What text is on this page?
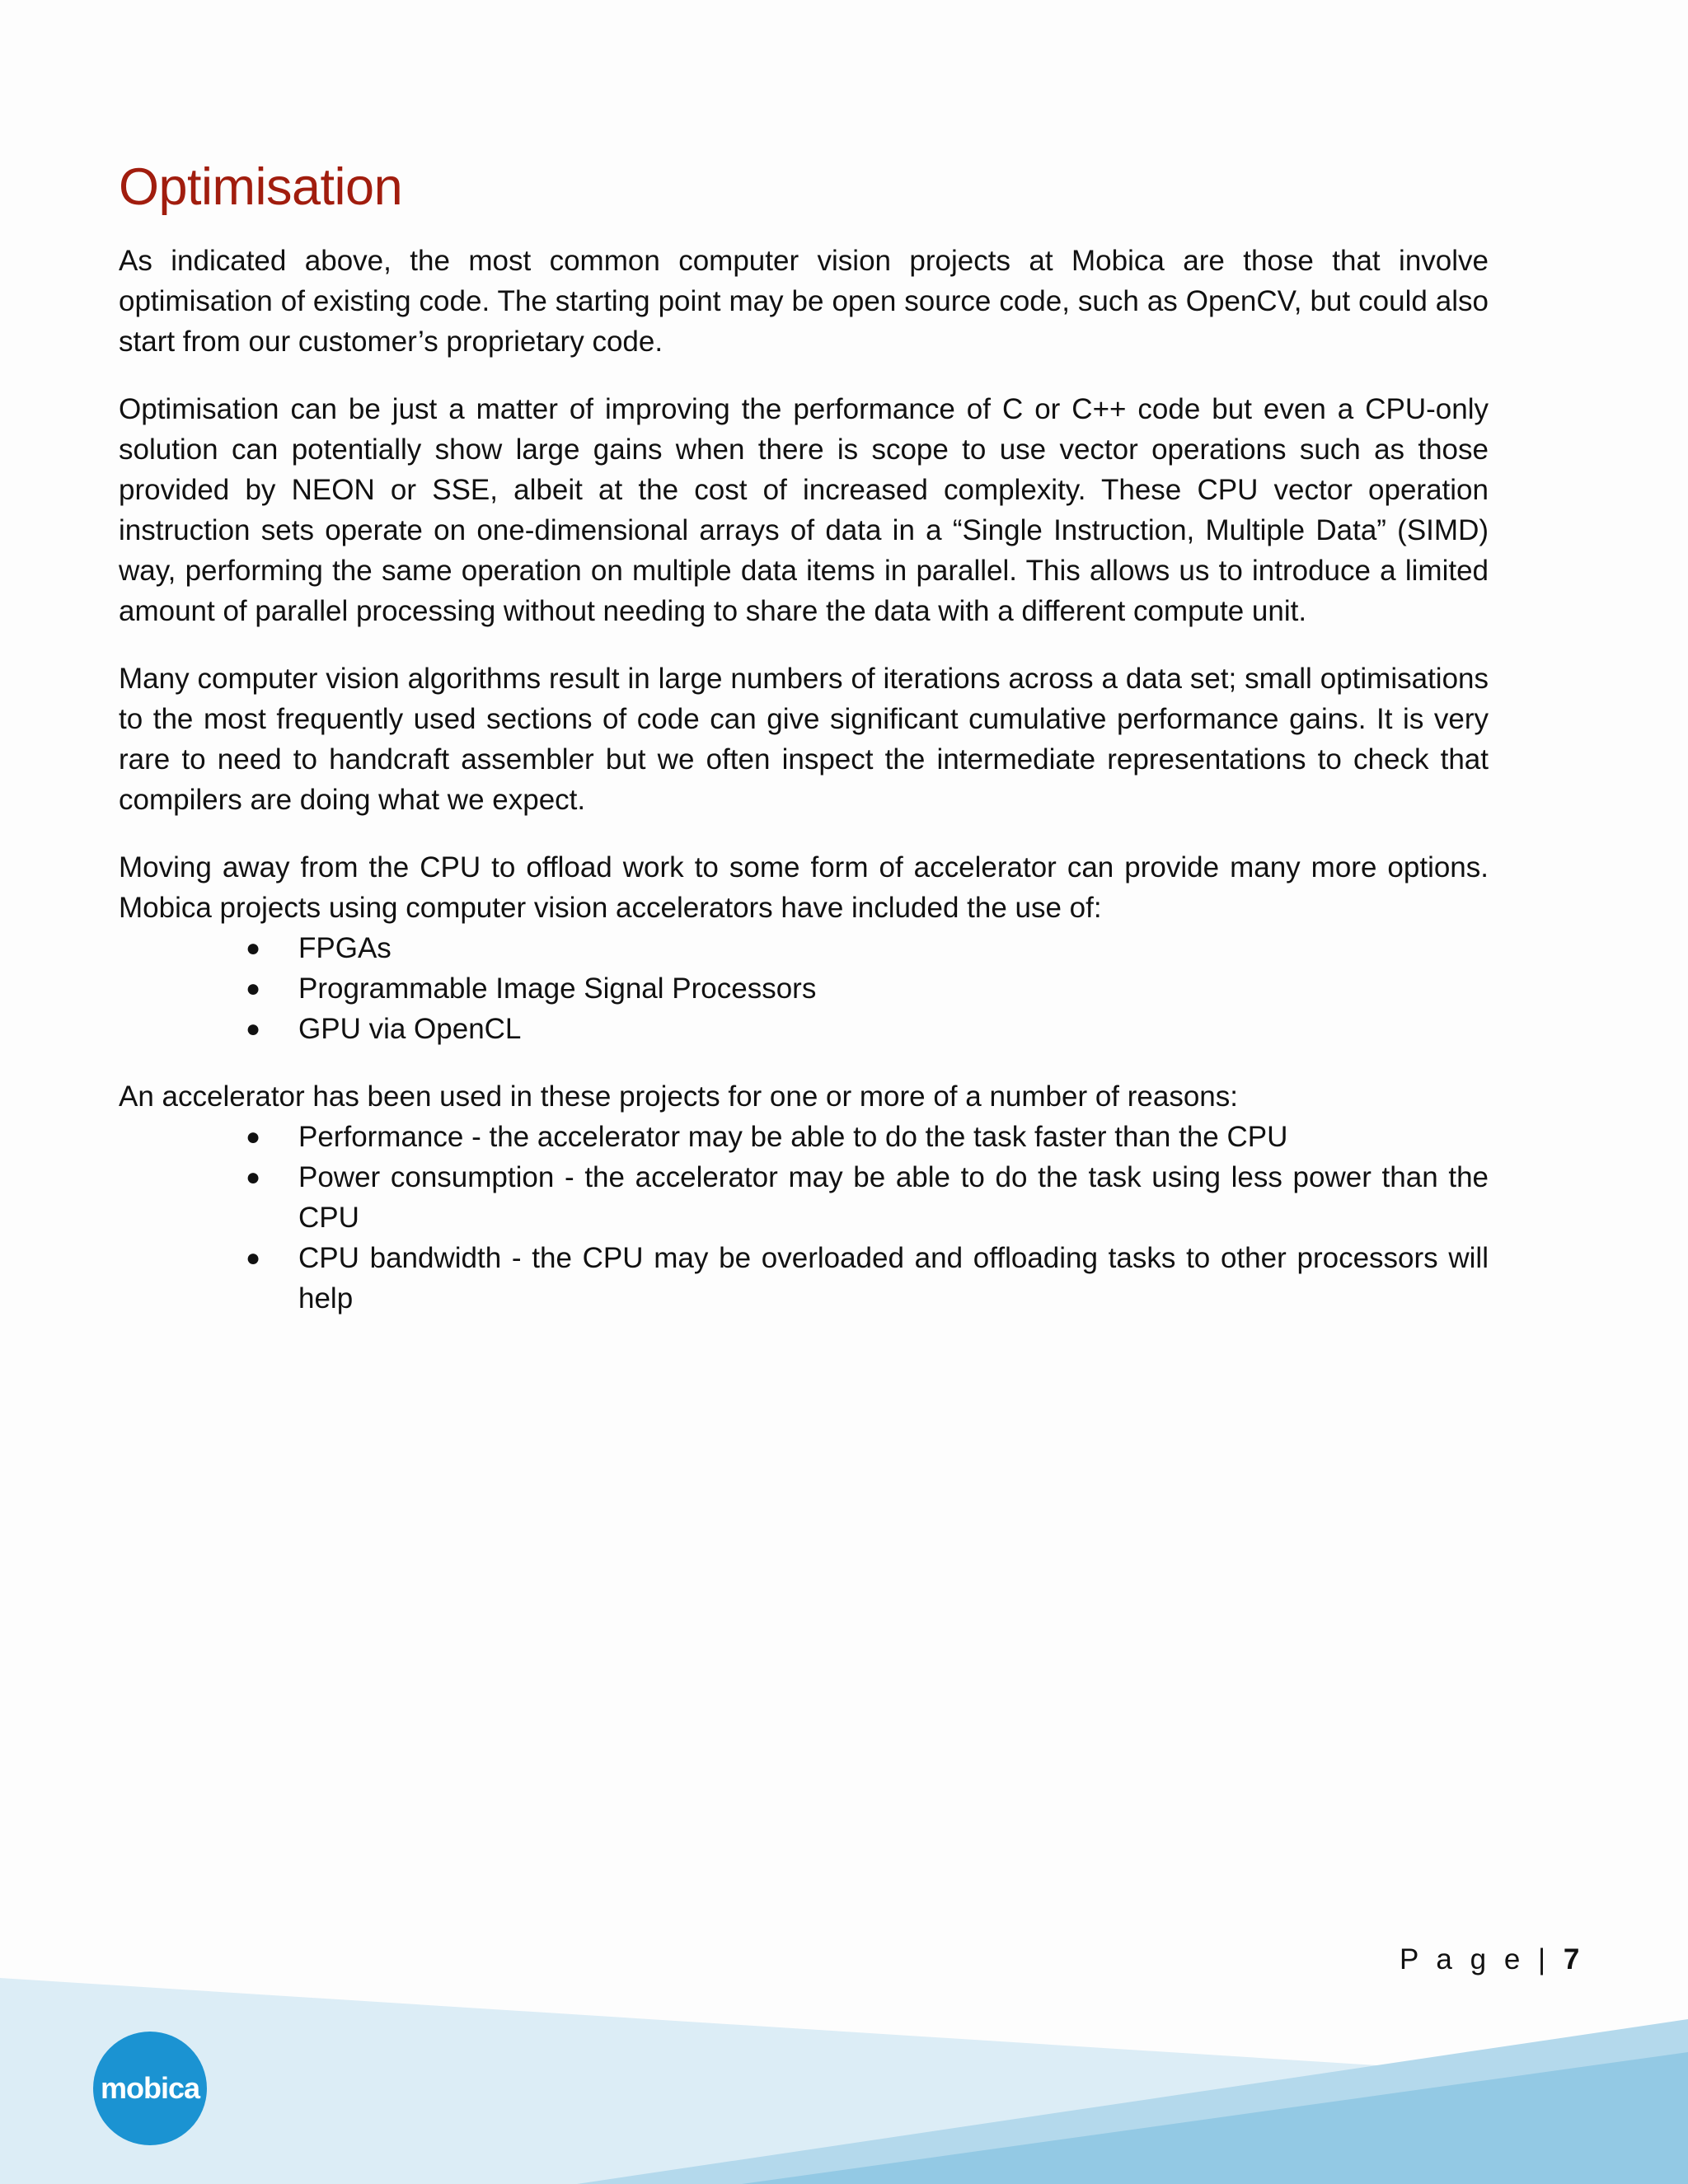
Optimisation

As indicated above, the most common computer vision projects at Mobica are those that involve optimisation of existing code. The starting point may be open source code, such as OpenCV, but could also start from our customer’s proprietary code.

Optimisation can be just a matter of improving the performance of C or C++ code but even a CPU-only solution can potentially show large gains when there is scope to use vector operations such as those provided by NEON or SSE, albeit at the cost of increased complexity. These CPU vector operation instruction sets operate on one-dimensional arrays of data in a “Single Instruction, Multiple Data” (SIMD) way, performing the same operation on multiple data items in parallel. This allows us to introduce a limited amount of parallel processing without needing to share the data with a different compute unit.

Many computer vision algorithms result in large numbers of iterations across a data set; small optimisations to the most frequently used sections of code can give significant cumulative performance gains. It is very rare to need to handcraft assembler but we often inspect the intermediate representations to check that compilers are doing what we expect.

Moving away from the CPU to offload work to some form of accelerator can provide many more options. Mobica projects using computer vision accelerators have included the use of:

● FPGAs
● Programmable Image Signal Processors
● GPU via OpenCL

An accelerator has been used in these projects for one or more of a number of reasons:

● Performance - the accelerator may be able to do the task faster than the CPU
● Power consumption - the accelerator may be able to do the task using less power than the CPU
● CPU bandwidth - the CPU may be overloaded and offloading tasks to other processors will help
P a g e | 7
mobica
